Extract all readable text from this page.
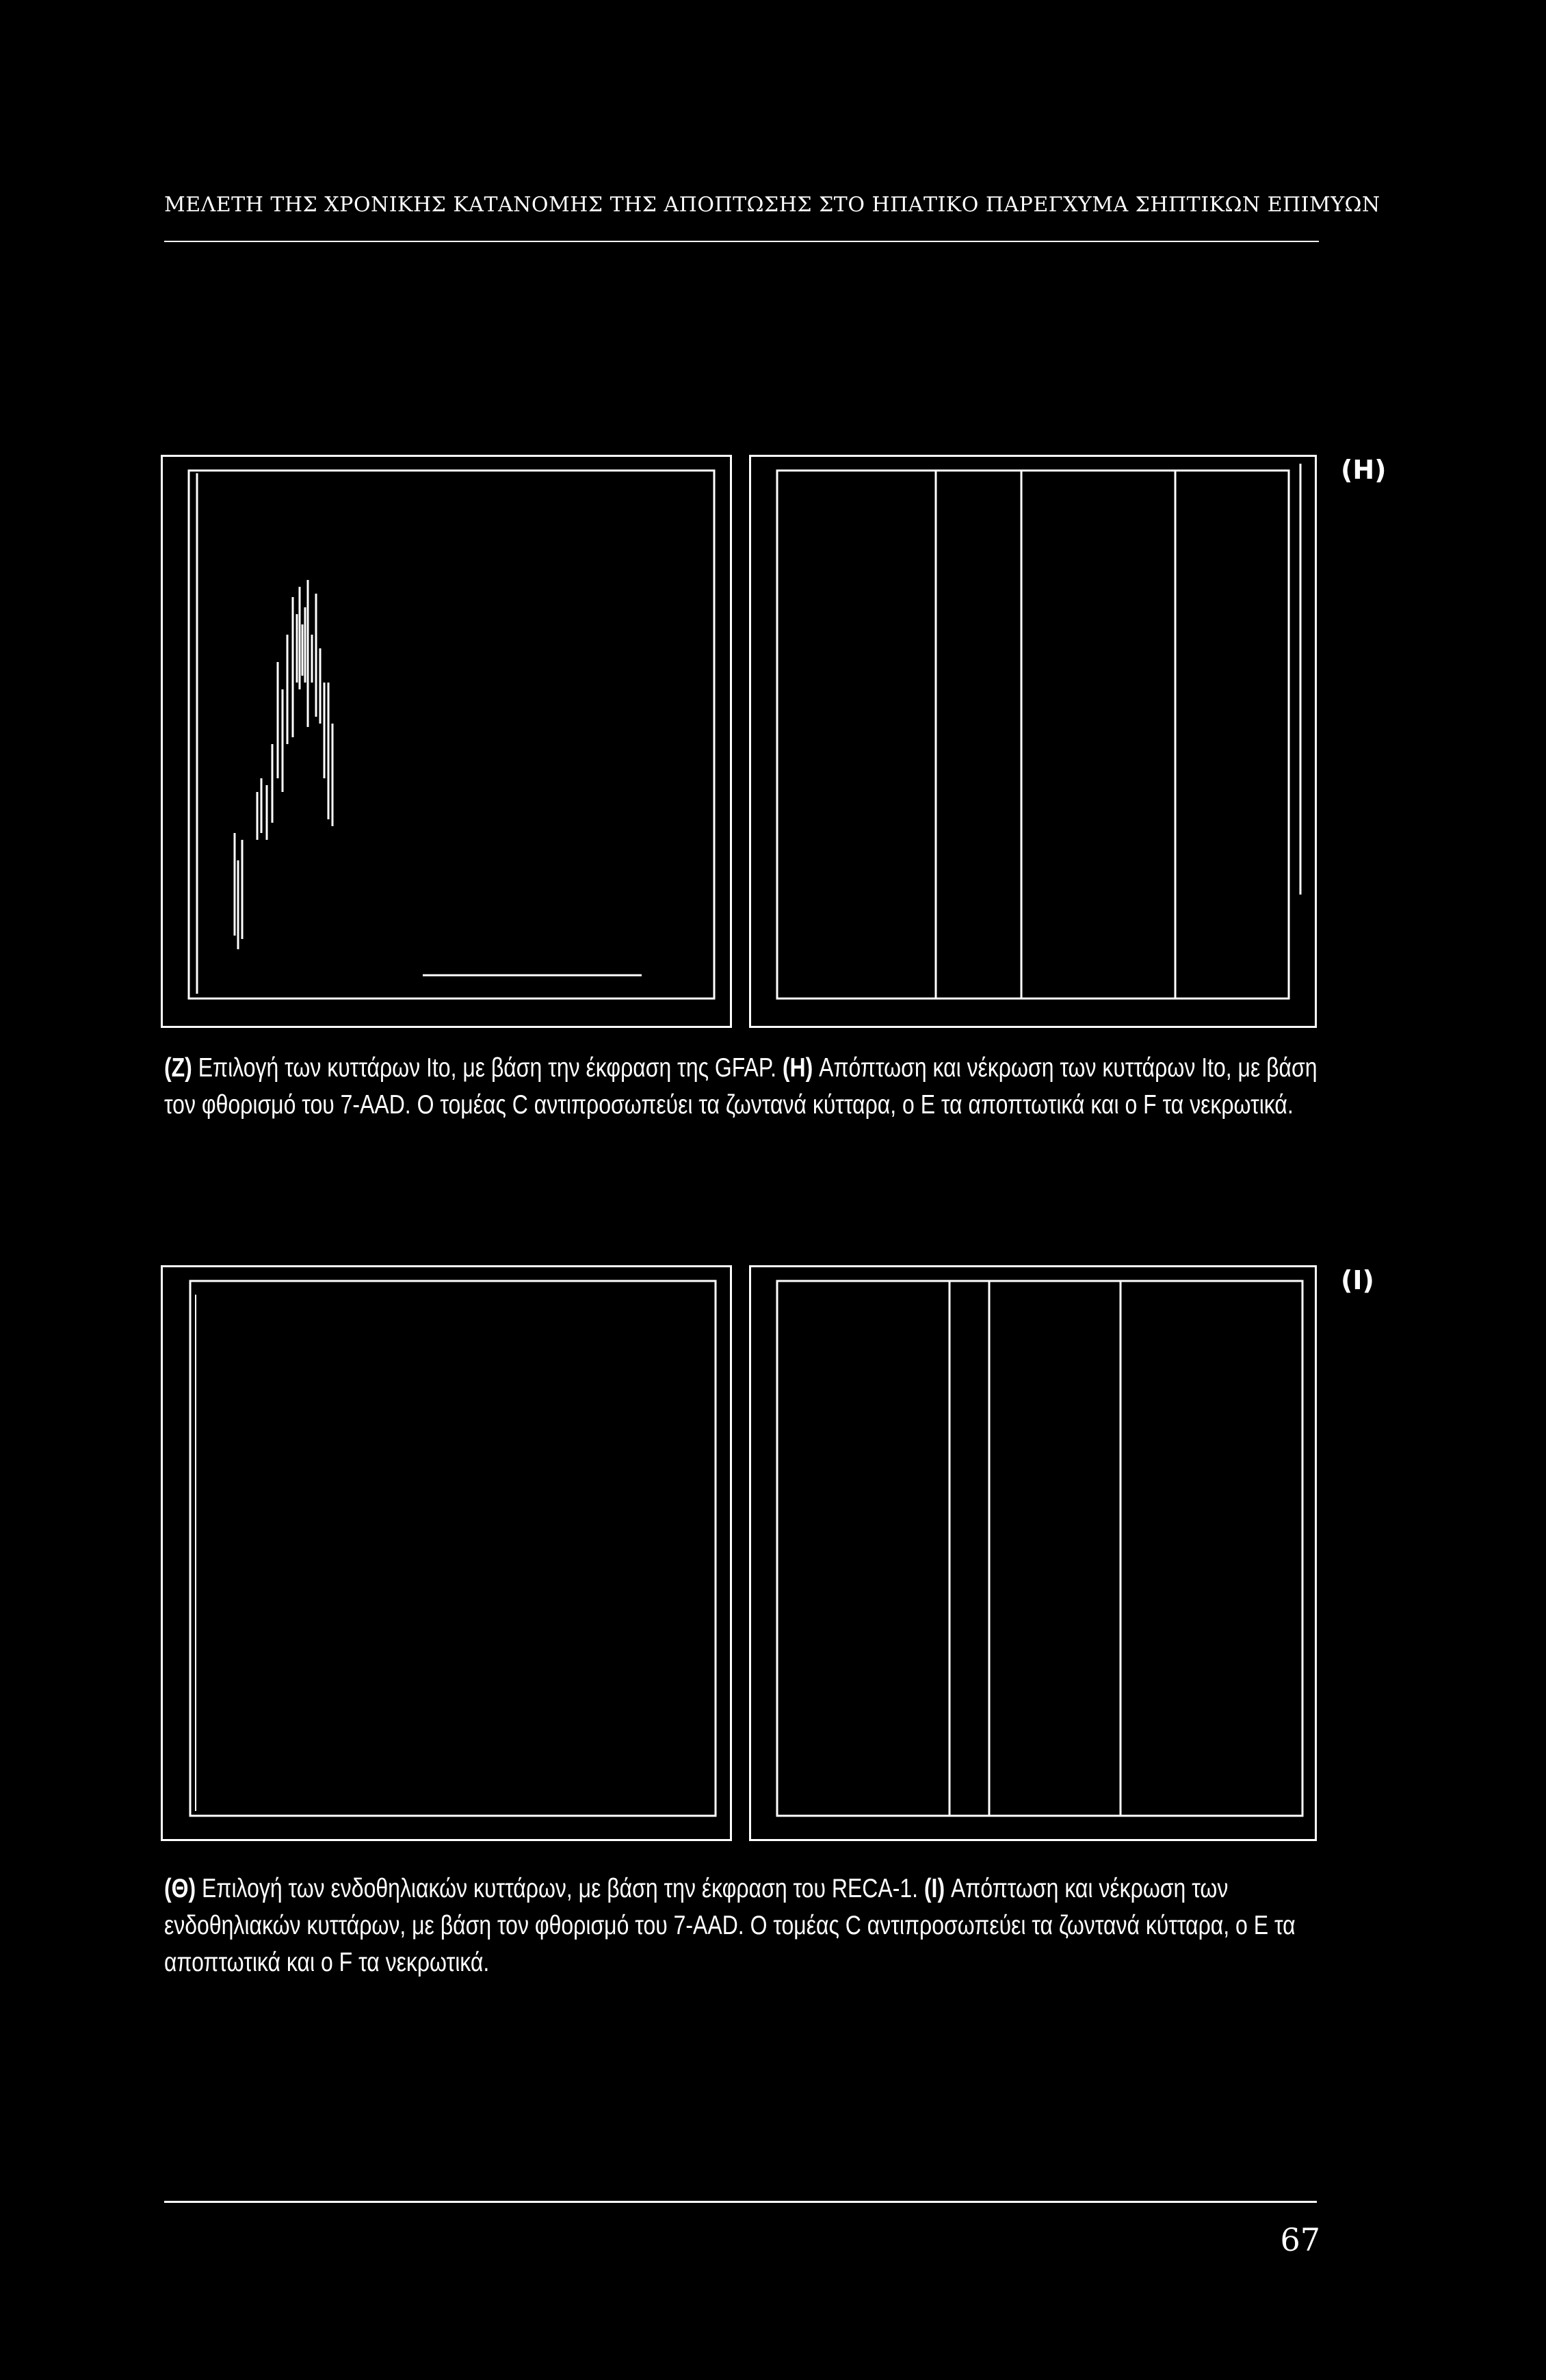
ΜΕΛΕΤΗ ΤΗΣ ΧΡΟΝΙΚΗΣ ΚΑΤΑΝΟΜΗΣ ΤΗΣ ΑΠΟΠΤΩΣΗΣ ΣΤΟ ΗΠΑΤΙΚΟ ΠΑΡΕΓΧΥΜΑ ΣΗΠΤΙΚΩΝ ΕΠΙΜΥΩΝ
(H)
(Z) Επιλογή των κυττάρων Ito, με βάση την έκφραση της GFAP. (H) Απόπτωση και νέκρωση των κυττάρων Ito, με βάση τον φθορισμό του 7-AAD. Ο τομέας C αντιπροσωπεύει τα ζωντανά κύτταρα, ο E τα αποπτωτικά και ο F τα νεκρωτικά.
(I)
(Θ) Επιλογή των ενδοθηλιακών κυττάρων, με βάση την έκφραση του RECA-1. (I) Απόπτωση και νέκρωση των ενδοθηλιακών κυττάρων, με βάση τον φθορισμό του 7-AAD. Ο τομέας C αντιπροσωπεύει τα ζωντανά κύτταρα, ο E τα αποπτωτικά και ο F τα νεκρωτικά.
67
